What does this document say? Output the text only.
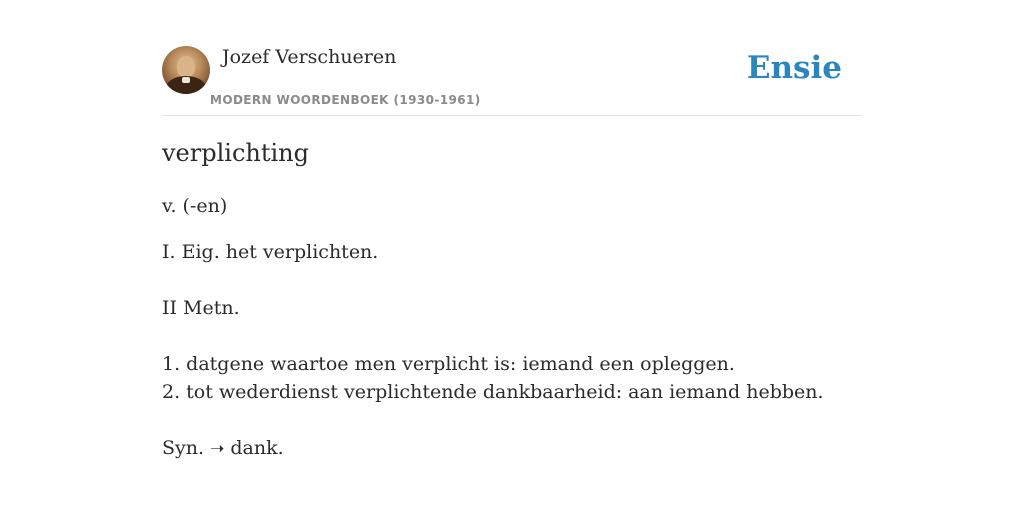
Jozef Verschueren
MODERN WOORDENBOEK (1930-1961)
Ensie
verplichting
v. (-en)
I. Eig. het verplichten.
II Metn.
1. datgene waartoe men verplicht is: iemand een opleggen.
2. tot wederdienst verplichtende dankbaarheid: aan iemand hebben.
Syn. ➝ dank.
